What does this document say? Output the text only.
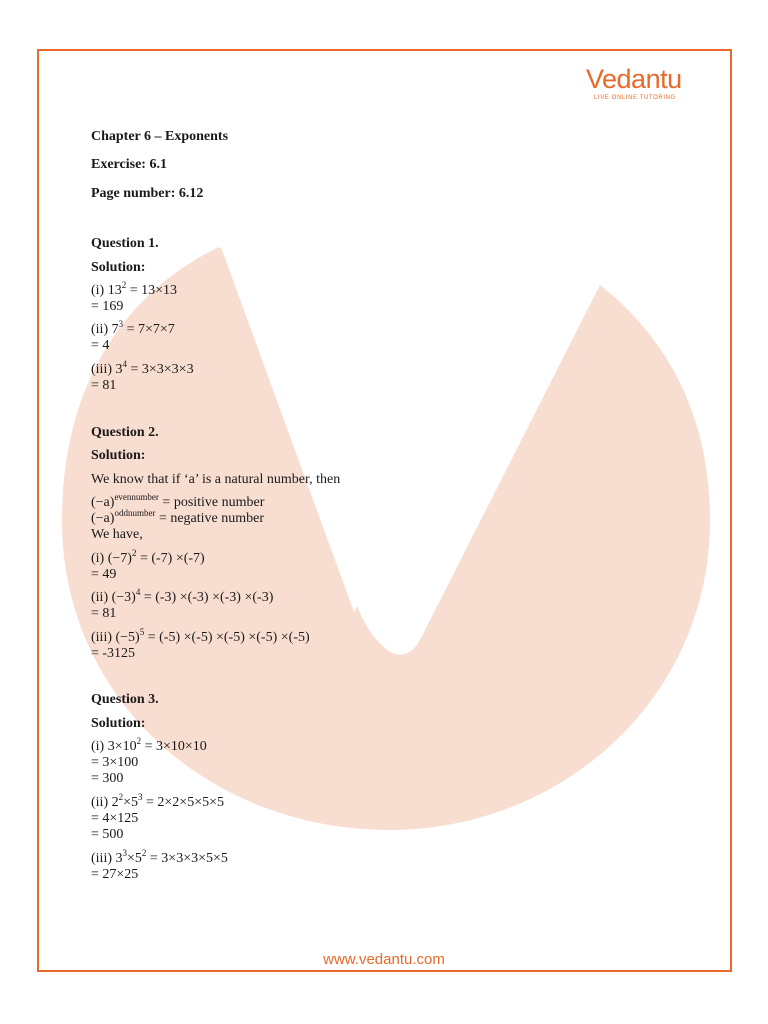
Vedantu
LIVE ONLINE TUTORING
Chapter 6 – Exponents
Exercise: 6.1
Page number: 6.12
Question 1.
Solution:
(i) $13^2 = 13\times 13$
= 169
(ii) $7^3 = 7\times 7\times 7$
= 4
(iii) $3^4 = 3\times 3\times 3\times 3$
= 81
Question 2.
Solution:
We know that if ‘a’ is a natural number, then
$(-a)^{evennumber}$ = positive number
$(-a)^{oddnumber}$ = negative number
We have,
(i) $(-7)^2 = (-7) \times(-7)$
= 49
(ii) $(-3)^4 = (-3) \times(-3) \times(-3) \times(-3)$
= 81
(iii) $(-5)^5 = (-5) \times(-5) \times(-5) \times(-5) \times(-5)$
= -3125
Question 3.
Solution:
(i) $3\times 10^2 = 3\times 10\times 10$
= 3×100
= 300
(ii) $2^2\times 5^3 = 2\times 2\times 5\times 5\times 5$
= 4×125
= 500
(iii) $3^3\times 5^2 = 3\times 3\times 3\times 5\times 5$
= 27×25
www.vedantu.com
